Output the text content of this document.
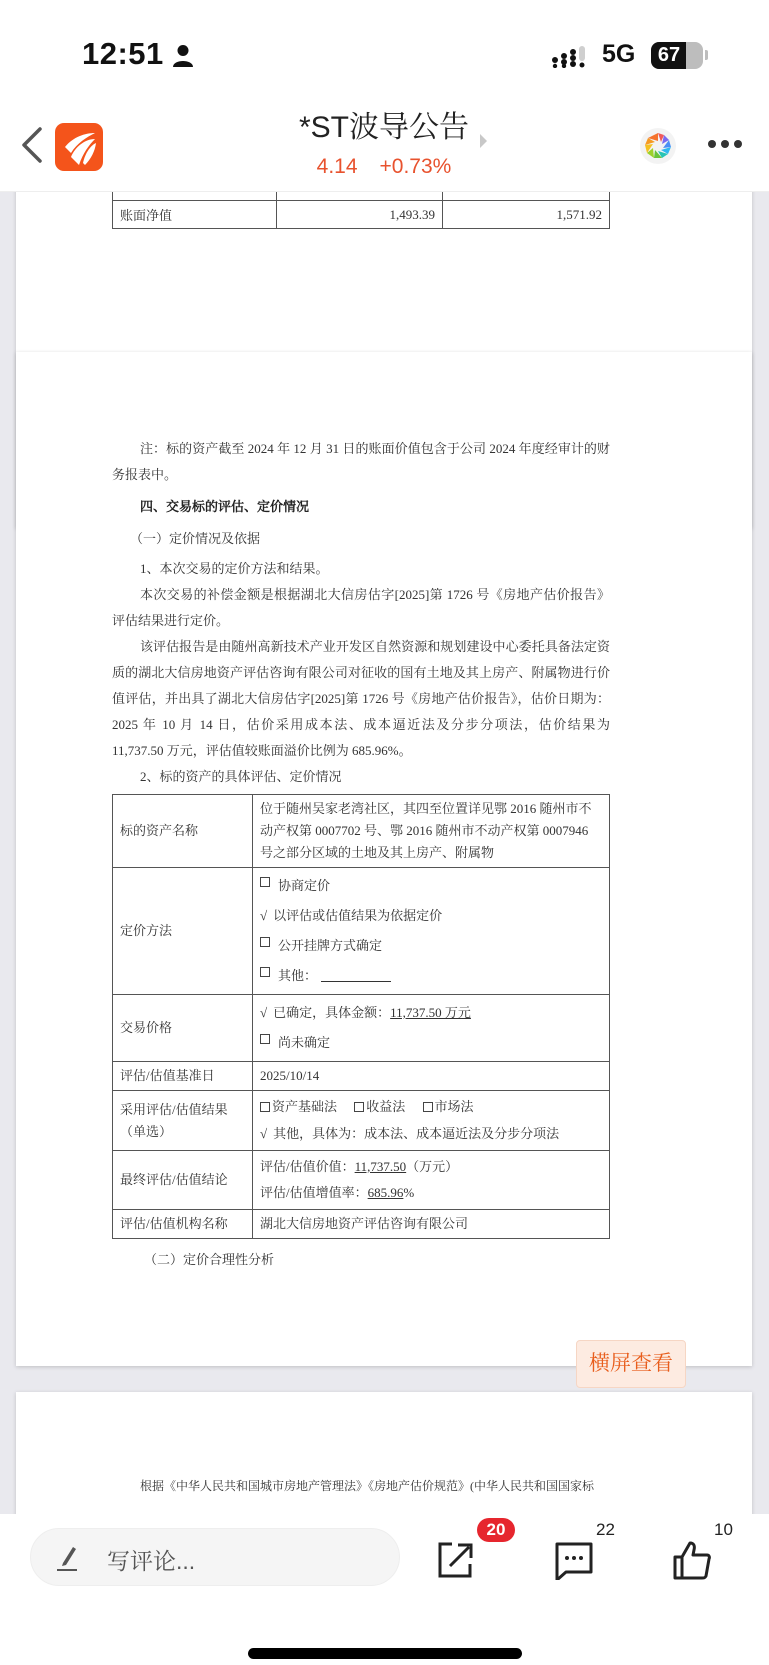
12:51	5G	67
*ST波导公告
4.14 +0.73%

账面净值	1,493.39	1,571.92
注：标的资产截至 2024 年 12 月 31 日的账面价值包含于公司 2024 年度经审计的财务报表中。
四、交易标的评估、定价情况
（一）定价情况及依据
1、本次交易的定价方法和结果。
本次交易的补偿金额是根据湖北大信房估字[2025]第 1726 号《房地产估价报告》评估结果进行定价。
该评估报告是由随州高新技术产业开发区自然资源和规划建设中心委托具备法定资质的湖北大信房地资产评估咨询有限公司对征收的国有土地及其上房产、附属物进行价值评估，并出具了湖北大信房估字[2025]第 1726 号《房地产估价报告》，估价日期为：2025 年 10 月 14 日，估价采用成本法、成本逼近法及分步分项法，估价结果为 11,737.50 万元，评估值较账面溢价比例为 685.96%。
2、标的资产的具体评估、定价情况
标的资产名称	位于随州吴家老湾社区，其四至位置详见鄂 2016 随州市不动产权第 0007702 号、鄂 2016 随州市不动产权第 0007946 号之部分区域的土地及其上房产、附属物
定价方法	协商定价
√ 以评估或估值结果为依据定价
公开挂牌方式确定
其他：

交易价格	√ 已确定，具体金额： 11,737.50 万元
尚未确定

评估/估值基准日	2025/10/14
采用评估/估值结果（单选）	资产基础法
收益法
市场法
√ 其他，具体为：成本法、成本逼近法及分步分项法

最终评估/估值结论	评估/估值价值：11,737.50（万元）
评估/估值增值率：685.96%

评估/估值机构名称	湖北大信房地资产评估咨询有限公司
（二）定价合理性分析
根据《中华人民共和国城市房地产管理法》《房地产估价规范》(中华人民共和国国家标
横屏查看
写评论...
20	22	10
